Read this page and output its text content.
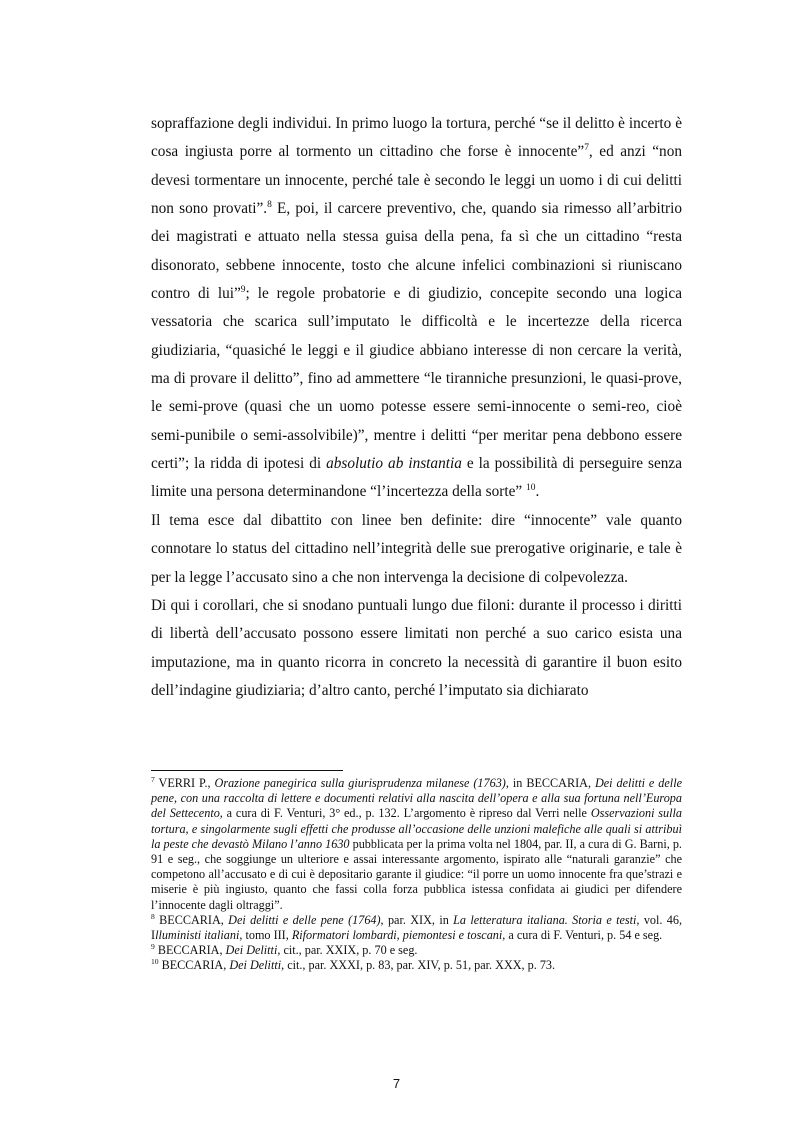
sopraffazione degli individui. In primo luogo la tortura, perché “se il delitto è incerto è cosa ingiusta porre al tormento un cittadino che forse è innocente”$^7$, ed anzi “non devesi tormentare un innocente, perché tale è secondo le leggi un uomo i di cui delitti non sono provati”.$^8$ E, poi, il carcere preventivo, che, quando sia rimesso all’arbitrio dei magistrati e attuato nella stessa guisa della pena, fa sì che un cittadino “resta disonorato, sebbene innocente, tosto che alcune infelici combinazioni si riuniscano contro di lui”$^9$; le regole probatorie e di giudizio, concepite secondo una logica vessatoria che scarica sull’imputato le difficoltà e le incertezze della ricerca giudiziaria, “quasiché le leggi e il giudice abbiano interesse di non cercare la verità, ma di provare il delitto”, fino ad ammettere “le tiranniche presunzioni, le quasi-prove, le semi-prove (quasi che un uomo potesse essere semi-innocente o semi-reo, cioè semi-punibile o semi-assolvibile)”, mentre i delitti “per meritar pena debbono essere certi”; la ridda di ipotesi di absolutio ab instantia e la possibilità di perseguire senza limite una persona determinandone “l’incertezza della sorte” $^{10}$.

Il tema esce dal dibattito con linee ben definite: dire “innocente” vale quanto connotare lo status del cittadino nell’integrità delle sue prerogative originarie, e tale è per la legge l’accusato sino a che non intervenga la decisione di colpevolezza.

Di qui i corollari, che si snodano puntuali lungo due filoni: durante il processo i diritti di libertà dell’accusato possono essere limitati non perché a suo carico esista una imputazione, ma in quanto ricorra in concreto la necessità di garantire il buon esito dell’indagine giudiziaria; d’altro canto, perché l’imputato sia dichiarato

$^7$ VERRI P., Orazione panegirica sulla giurisprudenza milanese (1763), in BECCARIA, Dei delitti e delle pene, con una raccolta di lettere e documenti relativi alla nascita dell’opera e alla sua fortuna nell’Europa del Settecento, a cura di F. Venturi, 3° ed., p. 132. L’argomento è ripreso dal Verri nelle Osservazioni sulla tortura, e singolarmente sugli effetti che produsse all’occasione delle unzioni malefiche alle quali si attribuì la peste che devastò Milano l’anno 1630 pubblicata per la prima volta nel 1804, par. II, a cura di G. Barni, p. 91 e seg., che soggiunge un ulteriore e assai interessante argomento, ispirato alle “naturali garanzie” che competono all’accusato e di cui è depositario garante il giudice: “il porre un uomo innocente fra que’strazi e miserie è più ingiusto, quanto che fassi colla forza pubblica istessa confidata ai giudici per difendere l’innocente dagli oltraggi”.

$^8$ BECCARIA, Dei delitti e delle pene (1764), par. XIX, in La letteratura italiana. Storia e testi, vol. 46, Illuministi italiani, tomo III, Riformatori lombardi, piemontesi e toscani, a cura di F. Venturi, p. 54 e seg.

$^9$ BECCARIA, Dei Delitti, cit., par. XXIX, p. 70 e seg.

$^{10}$ BECCARIA, Dei Delitti, cit., par. XXXI, p. 83, par. XIV, p. 51, par. XXX, p. 73.

7
